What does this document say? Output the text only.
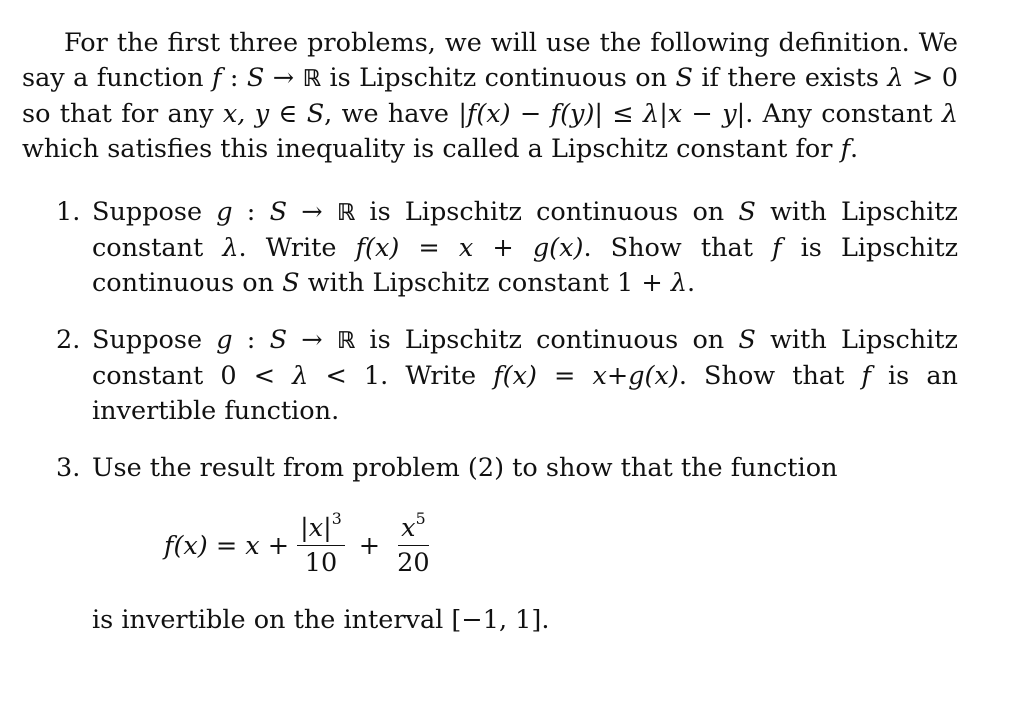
For the first three problems, we will use the following definition. We say a function f : S → ℝ is Lipschitz continuous on S if there exists λ > 0 so that for any x, y ∈ S, we have |f(x) − f(y)| ≤ λ|x − y|. Any constant λ which satisfies this inequality is called a Lipschitz constant for f.

1. Suppose g : S → ℝ is Lipschitz continuous on S with Lipschitz constant λ. Write f(x) = x + g(x). Show that f is Lipschitz continuous on S with Lipschitz constant 1 + λ.
2. Suppose g : S → ℝ is Lipschitz continuous on S with Lipschitz constant 0 < λ < 1. Write f(x) = x+g(x). Show that f is an invertible function.
3. Use the result from problem (2) to show that the function
$f(x) = x + \frac{|x|^3}{10} + \frac{x^5}{20}$

is invertible on the interval [−1, 1].
